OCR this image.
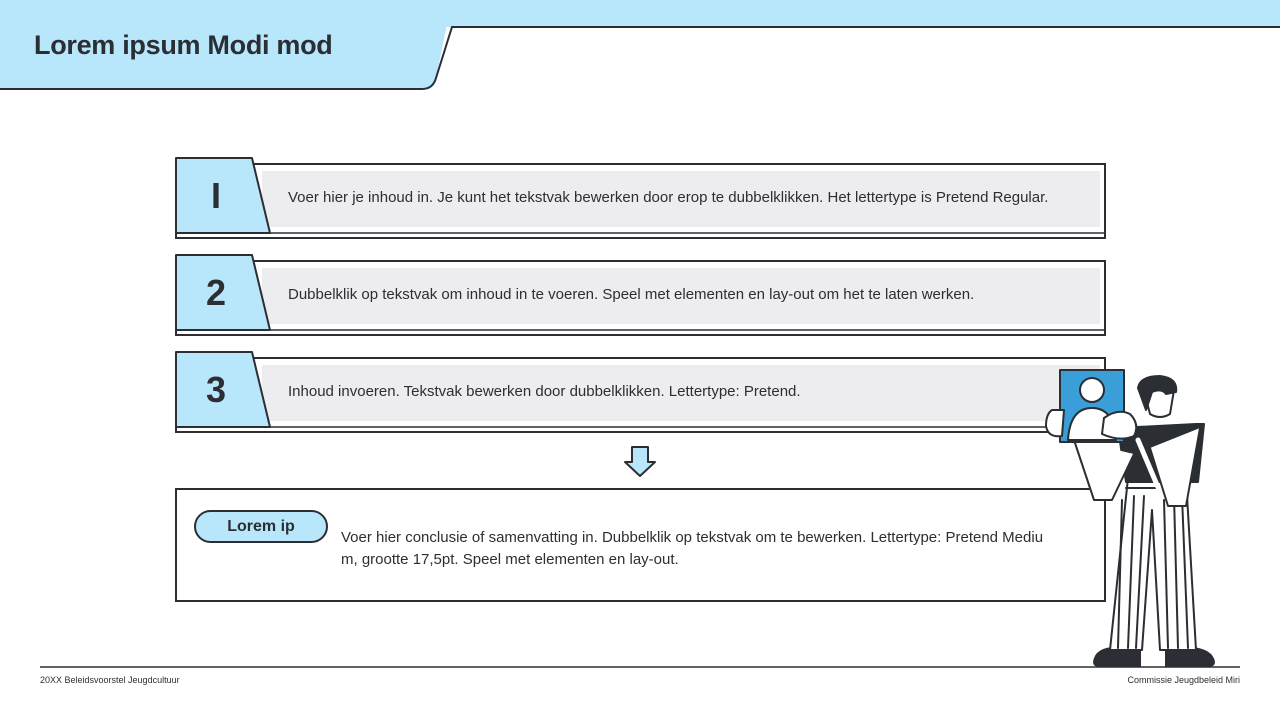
Lorem ipsum Modi mod
I	Voer hier je inhoud in. Je kunt het tekstvak bewerken door erop te dubbelklikken. Het lettertype is Pretend Regular.
2	Dubbelklik op tekstvak om inhoud in te voeren. Speel met elementen en lay-out om het te laten werken.
3	Inhoud invoeren. Tekstvak bewerken door dubbelklikken. Lettertype: Pretend.
Lorem ip
Voer hier conclusie of samenvatting in. Dubbelklik op tekstvak om te bewerken. Lettertype: Pretend Medium, grootte 17,5pt. Speel met elementen en lay-out.
20XX Beleidsvoorstel Jeugdcultuur	Commissie Jeugdbeleid Miri
